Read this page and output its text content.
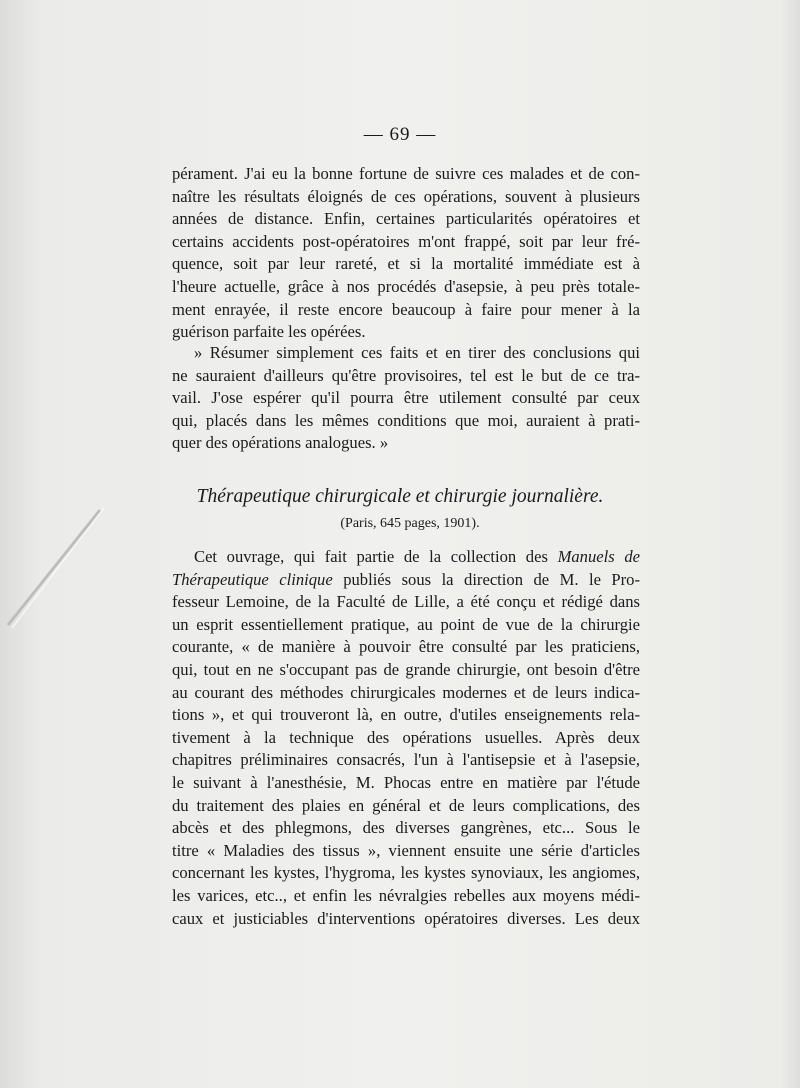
— 69 —

pérament. J'ai eu la bonne fortune de suivre ces malades et de con-
naître les résultats éloignés de ces opérations, souvent à plusieurs
années de distance. Enfin, certaines particularités opératoires et
certains accidents post-opératoires m'ont frappé, soit par leur fré-
quence, soit par leur rareté, et si la mortalité immédiate est à
l'heure actuelle, grâce à nos procédés d'asepsie, à peu près totale-
ment enrayée, il reste encore beaucoup à faire pour mener à la
guérison parfaite les opérées.

» Résumer simplement ces faits et en tirer des conclusions qui
ne sauraient d'ailleurs qu'être provisoires, tel est le but de ce tra-
vail. J'ose espérer qu'il pourra être utilement consulté par ceux
qui, placés dans les mêmes conditions que moi, auraient à prati-
quer des opérations analogues. »

Thérapeutique chirurgicale et chirurgie journalière.
(Paris, 645 pages, 1901).

Cet ouvrage, qui fait partie de la collection des Manuels de
Thérapeutique clinique publiés sous la direction de M. le Pro-
fesseur Lemoine, de la Faculté de Lille, a été conçu et rédigé dans
un esprit essentiellement pratique, au point de vue de la chirurgie
courante, « de manière à pouvoir être consulté par les praticiens,
qui, tout en ne s'occupant pas de grande chirurgie, ont besoin d'être
au courant des méthodes chirurgicales modernes et de leurs indica-
tions », et qui trouveront là, en outre, d'utiles enseignements rela-
tivement à la technique des opérations usuelles. Après deux
chapitres préliminaires consacrés, l'un à l'antisepsie et à l'asepsie,
le suivant à l'anesthésie, M. Phocas entre en matière par l'étude
du traitement des plaies en général et de leurs complications, des
abcès et des phlegmons, des diverses gangrènes, etc... Sous le
titre « Maladies des tissus », viennent ensuite une série d'articles
concernant les kystes, l'hygroma, les kystes synoviaux, les angiomes,
les varices, etc.., et enfin les névralgies rebelles aux moyens médi-
caux et justiciables d'interventions opératoires diverses. Les deux
